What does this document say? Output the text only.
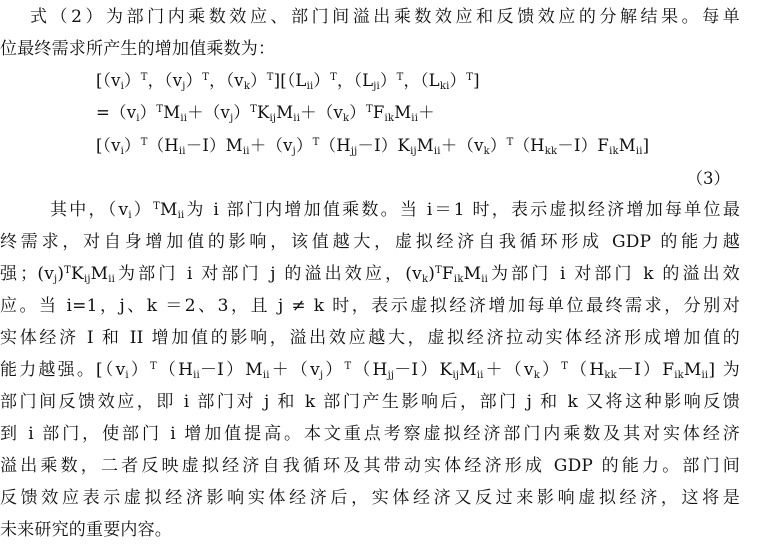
式（2）为部门内乘数效应、部门间溢出乘数效应和反馈效应的分解结果。每单
位最终需求所产生的增加值乘数为：
[$(v_i)^T$，$(v_j)^T$，$(v_k)^T][(L_{ii})^T$，$(L_{ji})^T$，$(L_{ki})^T$]
$=(v_i)^TM_{ii}+(v_j)^TK_{ij}M_{ii}+(v_k)^TF_{ik}M_{ii}+$
$[(v_i)^T(H_{ii}-I)M_{ii}+(v_j)^T(H_{jj}-I)K_{ij}M_{ii}+(v_k)^T(H_{kk}-I)F_{ik}M_{ii}]$
（3）
其中，$(v_i)^TM_{ii}$为 i 部门内增加值乘数。当 i＝1 时，表示虚拟经济增加每单位最
终需求，对自身增加值的影响，该值越大，虚拟经济自我循环形成 GDP 的能力越
强；$(v_j)^TK_{ij}M_{ii}$为部门 i 对部门 j 的溢出效应，$(v_k)^TF_{ik}M_{ii}$为部门 i 对部门 k 的溢出效
应。当 i=1，j、k ＝2、3，且 j ≠ k 时，表示虚拟经济增加每单位最终需求，分别对
实体经济 I 和 II 增加值的影响，溢出效应越大，虚拟经济拉动实体经济形成增加值的
能力越强。$[(v_i)^T(H_{ii}-I)M_{ii}+(v_j)^T(H_{jj}-I)K_{ij}M_{ii}+(v_k)^T(H_{kk}-I)F_{ik}M_{ii}]$ 为
部门间反馈效应，即 i 部门对 j 和 k 部门产生影响后，部门 j 和 k 又将这种影响反馈
到 i 部门，使部门 i 增加值提高。本文重点考察虚拟经济部门内乘数及其对实体经济
溢出乘数，二者反映虚拟经济自我循环及其带动实体经济形成 GDP 的能力。部门间
反馈效应表示虚拟经济影响实体经济后，实体经济又反过来影响虚拟经济，这将是
未来研究的重要内容。
